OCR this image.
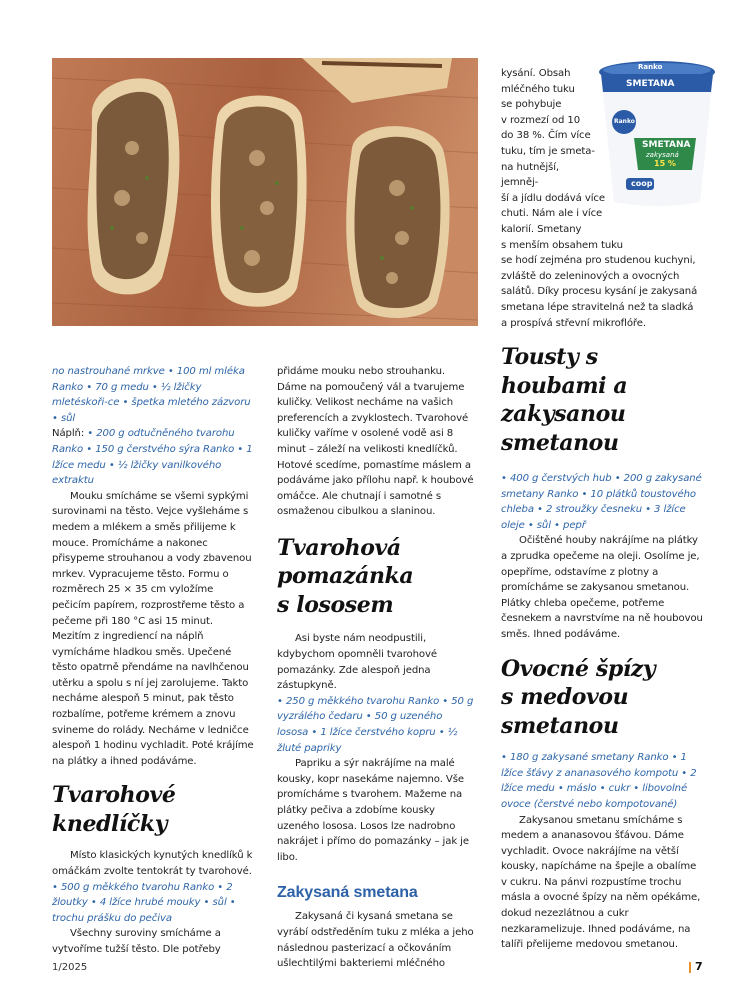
Ranko
SMETANA
Ranko
SMETANA
zakysaná
15 %
coop

no nastrouhané mrkve • 100 ml mléka Ranko • 70 g medu • ½ lžičky mletéskoři-ce • špetka mletého zázvoru • sůl

Náplň: • 200 g odtučněného tvarohu Ranko • 150 g čerstvého sýra Ranko • 1 lžíce medu • ½ lžičky vanilkového extraktu

Mouku smícháme se všemi sypkými surovinami na těsto. Vejce vyšleháme s medem a mlékem a směs přilijeme k mouce. Promícháme a nakonec přisypeme strouhanou a vody zbavenou mrkev. Vypracujeme těsto. Formu o rozměrech 25 × 35 cm vyložíme pečicím papírem, rozprostřeme těsto a pečeme při 180 °C asi 15 minut. Mezitím z ingrediencí na náplň vymícháme hladkou směs. Upečené těsto opatrně přendáme na navlhčenou utěrku a spolu s ní jej zarolujeme. Takto necháme alespoň 5 minut, pak těsto rozbalíme, potřeme krémem a znovu svineme do rolády. Necháme v ledničce alespoň 1 hodinu vychladit. Poté krájíme na plátky a ihned podáváme.

Tvarohové knedlíčky

Místo klasických kynutých knedlíků k omáčkám zvolte tentokrát ty tvarohové.

• 500 g měkkého tvarohu Ranko • 2 žloutky • 4 lžíce hrubé mouky • sůl • trochu prášku do pečiva

Všechny suroviny smícháme a vytvoříme tužší těsto. Dle potřeby

přidáme mouku nebo strouhanku. Dáme na pomoučený vál a tvarujeme kuličky. Velikost necháme na vašich preferencích a zvyklostech. Tvarohové kuličky vaříme v osolené vodě asi 8 minut – záleží na velikosti knedlíčků. Hotové scedíme, pomastíme máslem a podáváme jako přílohu např. k houbové omáčce. Ale chutnají i samotné s osmaženou cibulkou a slaninou.

Tvarohová pomazánka s lososem

Asi byste nám neodpustili, kdybychom opomněli tvarohové pomazánky. Zde alespoň jedna zástupkyně.

• 250 g měkkého tvarohu Ranko • 50 g vyzrálého čedaru • 50 g uzeného lososa • 1 lžíce čerstvého kopru • ½ žluté papriky

Papriku a sýr nakrájíme na malé kousky, kopr nasekáme najemno. Vše promícháme s tvarohem. Mažeme na plátky pečiva a zdobíme kousky uzeného lososa. Losos lze nadrobno nakrájet i přímo do pomazánky – jak je libo.

Zakysaná smetana

Zakysaná či kysaná smetana se vyrábí odstředěním tuku z mléka a jeho následnou pasterizací a očkováním ušlechtilými bakteriemi mléčného

kysání. Obsah

mléčného tuku

se pohybuje

v rozmezí od 10

do 38 %. Čím více

tuku, tím je smeta-

na hutnější, jemněj-

ší a jídlu dodává více

chuti. Nám ale i více

kalorií. Smetany

s menším obsahem tuku

se hodí zejména pro studenou kuchyni,

zvláště do zeleninových a ovocných

salátů. Díky procesu kysání je zakysaná

smetana lépe stravitelná než ta sladká

a prospívá střevní mikroflóře.

Tousty s houbami a zakysanou smetanou

• 400 g čerstvých hub • 200 g zakysané smetany Ranko • 10 plátků toustového chleba • 2 stroužky česneku • 3 lžíce oleje • sůl • pepř

Očištěné houby nakrájíme na plátky a zprudka opečeme na oleji. Osolíme je, opepříme, odstavíme z plotny a promícháme se zakysanou smetanou. Plátky chleba opečeme, potřeme česnekem a navrstvíme na ně houbovou směs. Ihned podáváme.

Ovocné špízy s medovou smetanou

• 180 g zakysané smetany Ranko • 1 lžíce šťávy z ananasového kompotu • 2 lžíce medu • máslo • cukr • libovolné ovoce (čerstvé nebo kompotované)

Zakysanou smetanu smícháme s medem a ananasovou šťávou. Dáme vychladit. Ovoce nakrájíme na větší kousky, napícháme na špejle a obalíme v cukru. Na pánvi rozpustíme trochu másla a ovocné špízy na něm opékáme, dokud nezezlátnou a cukr nezkaramelizuje. Ihned podáváme, na talíři přelijeme medovou smetanou.

1/2025	7
